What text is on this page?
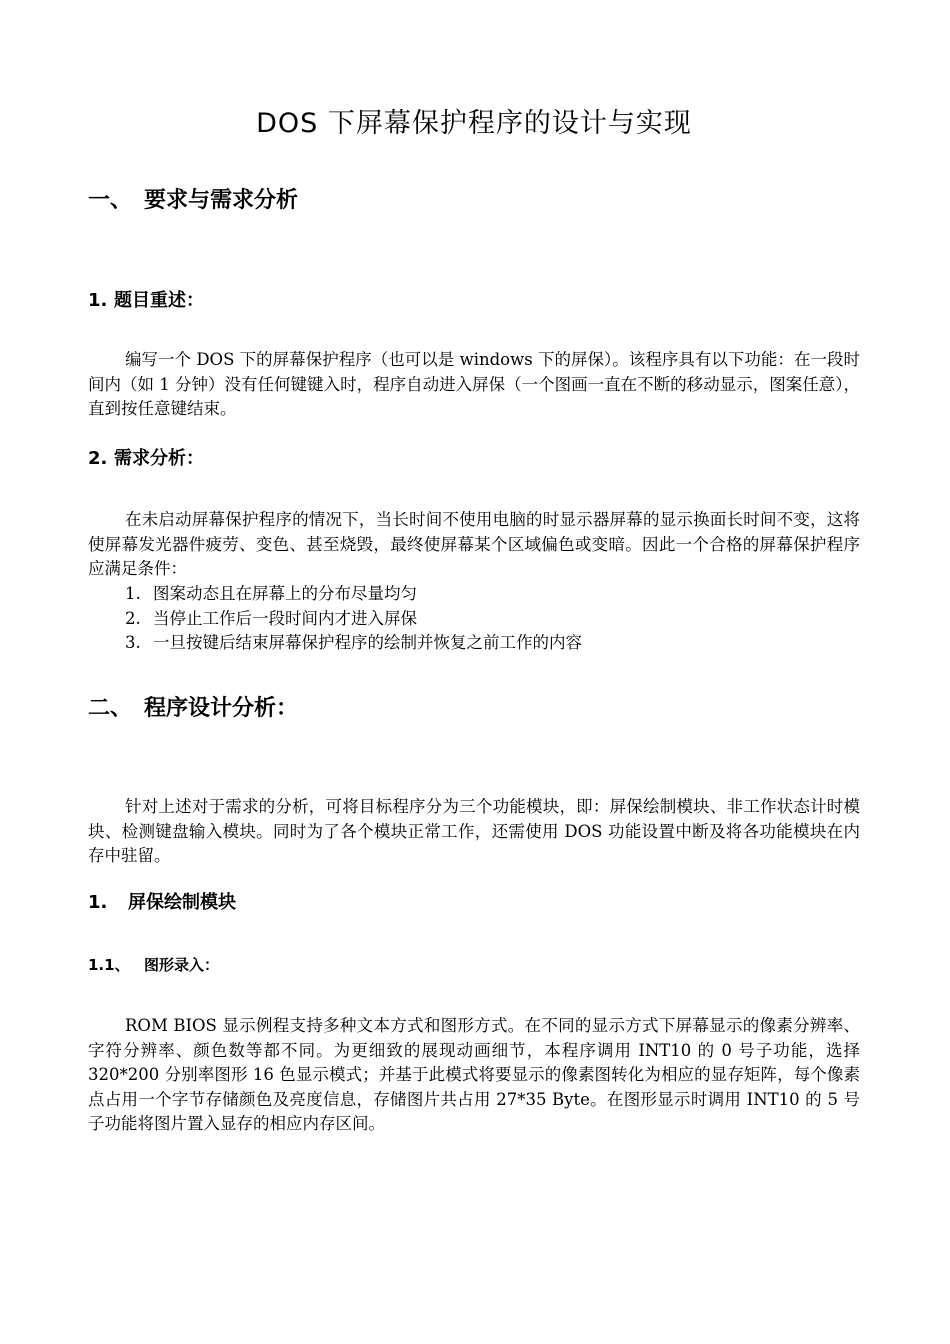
DOS 下屏幕保护程序的设计与实现
一、 要求与需求分析
1. 题目重述：
编写一个 DOS 下的屏幕保护程序（也可以是 windows 下的屏保）。该程序具有以下功能：在一段时间内（如 1 分钟）没有任何键键入时，程序自动进入屏保（一个图画一直在不断的移动显示，图案任意），直到按任意键结束。
2. 需求分析：
在未启动屏幕保护程序的情况下，当长时间不使用电脑的时显示器屏幕的显示换面长时间不变，这将使屏幕发光器件疲劳、变色、甚至烧毁，最终使屏幕某个区域偏色或变暗。因此一个合格的屏幕保护程序应满足条件：
1. 图案动态且在屏幕上的分布尽量均匀
2. 当停止工作后一段时间内才进入屏保
3. 一旦按键后结束屏幕保护程序的绘制并恢复之前工作的内容
二、 程序设计分析：
针对上述对于需求的分析，可将目标程序分为三个功能模块，即：屏保绘制模块、非工作状态计时模块、检测键盘输入模块。同时为了各个模块正常工作，还需使用 DOS 功能设置中断及将各功能模块在内存中驻留。
1. 屏保绘制模块
1.1、 图形录入：
ROM BIOS 显示例程支持多种文本方式和图形方式。在不同的显示方式下屏幕显示的像素分辨率、字符分辨率、颜色数等都不同。为更细致的展现动画细节，本程序调用 INT10 的 0 号子功能，选择 320*200 分别率图形 16 色显示模式；并基于此模式将要显示的像素图转化为相应的显存矩阵，每个像素点占用一个字节存储颜色及亮度信息，存储图片共占用 27*35 Byte。在图形显示时调用 INT10 的 5 号子功能将图片置入显存的相应内存区间。
